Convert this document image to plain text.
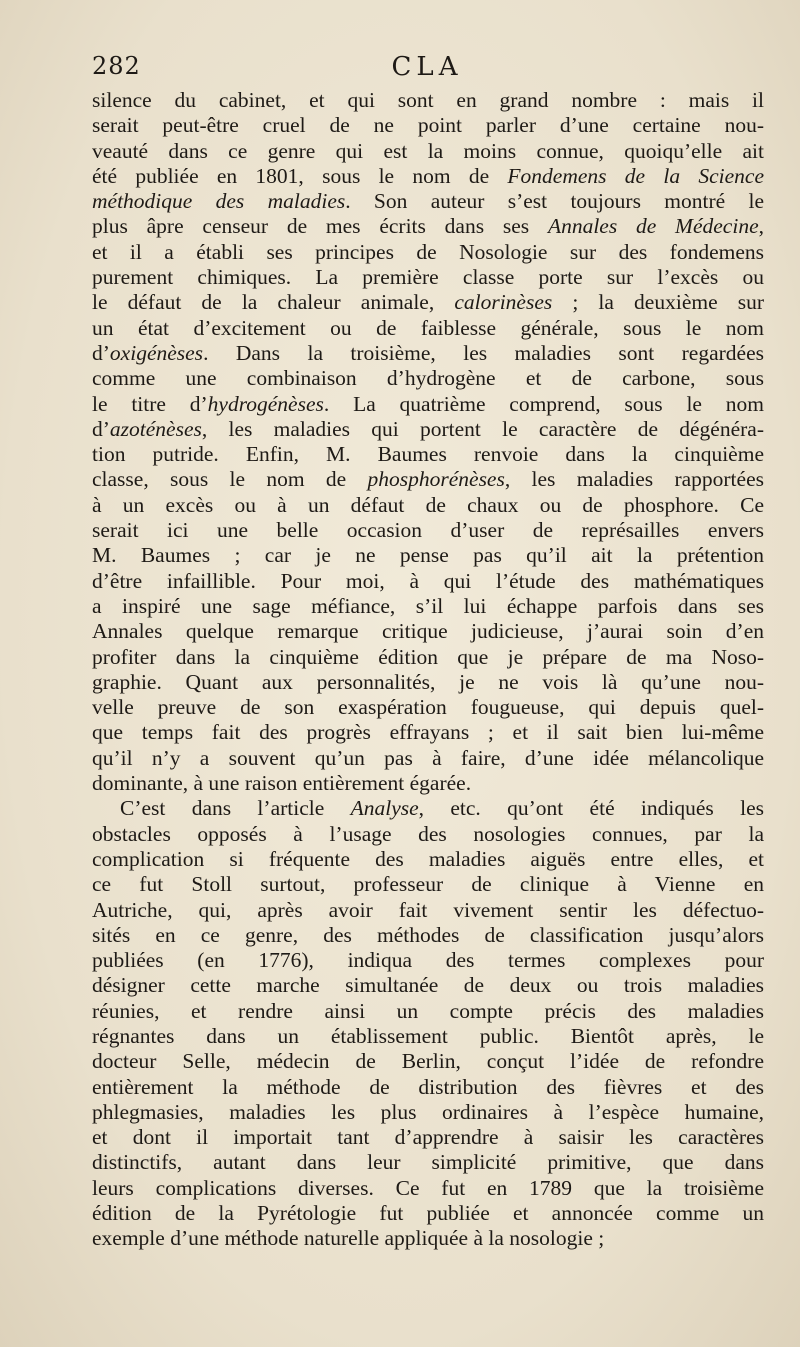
282	CLA
silence du cabinet, et qui sont en grand nombre : mais il
serait peut-être cruel de ne point parler d’une certaine nou-
veauté dans ce genre qui est la moins connue, quoiqu’elle ait
été publiée en 1801, sous le nom de Fondemens de la Science
méthodique des maladies. Son auteur s’est toujours montré le
plus âpre censeur de mes écrits dans ses Annales de Médecine,
et il a établi ses principes de Nosologie sur des fondemens
purement chimiques. La première classe porte sur l’excès ou
le défaut de la chaleur animale, calorinèses ; la deuxième sur
un état d’excitement ou de faiblesse générale, sous le nom
d’oxigénèses. Dans la troisième, les maladies sont regardées
comme une combinaison d’hydrogène et de carbone, sous
le titre d’hydrogénèses. La quatrième comprend, sous le nom
d’azoténèses, les maladies qui portent le caractère de dégénéra-
tion putride. Enfin, M. Baumes renvoie dans la cinquième
classe, sous le nom de phosphorénèses, les maladies rapportées
à un excès ou à un défaut de chaux ou de phosphore. Ce
serait ici une belle occasion d’user de représailles envers
M. Baumes ; car je ne pense pas qu’il ait la prétention
d’être infaillible. Pour moi, à qui l’étude des mathématiques
a inspiré une sage méfiance, s’il lui échappe parfois dans ses
Annales quelque remarque critique judicieuse, j’aurai soin d’en
profiter dans la cinquième édition que je prépare de ma Noso-
graphie. Quant aux personnalités, je ne vois là qu’une nou-
velle preuve de son exaspération fougueuse, qui depuis quel-
que temps fait des progrès effrayans ; et il sait bien lui-même
qu’il n’y a souvent qu’un pas à faire, d’une idée mélancolique
dominante, à une raison entièrement égarée.
C’est dans l’article Analyse, etc. qu’ont été indiqués les
obstacles opposés à l’usage des nosologies connues, par la
complication si fréquente des maladies aiguës entre elles, et
ce fut Stoll surtout, professeur de clinique à Vienne en
Autriche, qui, après avoir fait vivement sentir les défectuo-
sités en ce genre, des méthodes de classification jusqu’alors
publiées (en 1776), indiqua des termes complexes pour
désigner cette marche simultanée de deux ou trois maladies
réunies, et rendre ainsi un compte précis des maladies
régnantes dans un établissement public. Bientôt après, le
docteur Selle, médecin de Berlin, conçut l’idée de refondre
entièrement la méthode de distribution des fièvres et des
phlegmasies, maladies les plus ordinaires à l’espèce humaine,
et dont il importait tant d’apprendre à saisir les caractères
distinctifs, autant dans leur simplicité primitive, que dans
leurs complications diverses. Ce fut en 1789 que la troisième
édition de la Pyrétologie fut publiée et annoncée comme un
exemple d’une méthode naturelle appliquée à la nosologie ;
